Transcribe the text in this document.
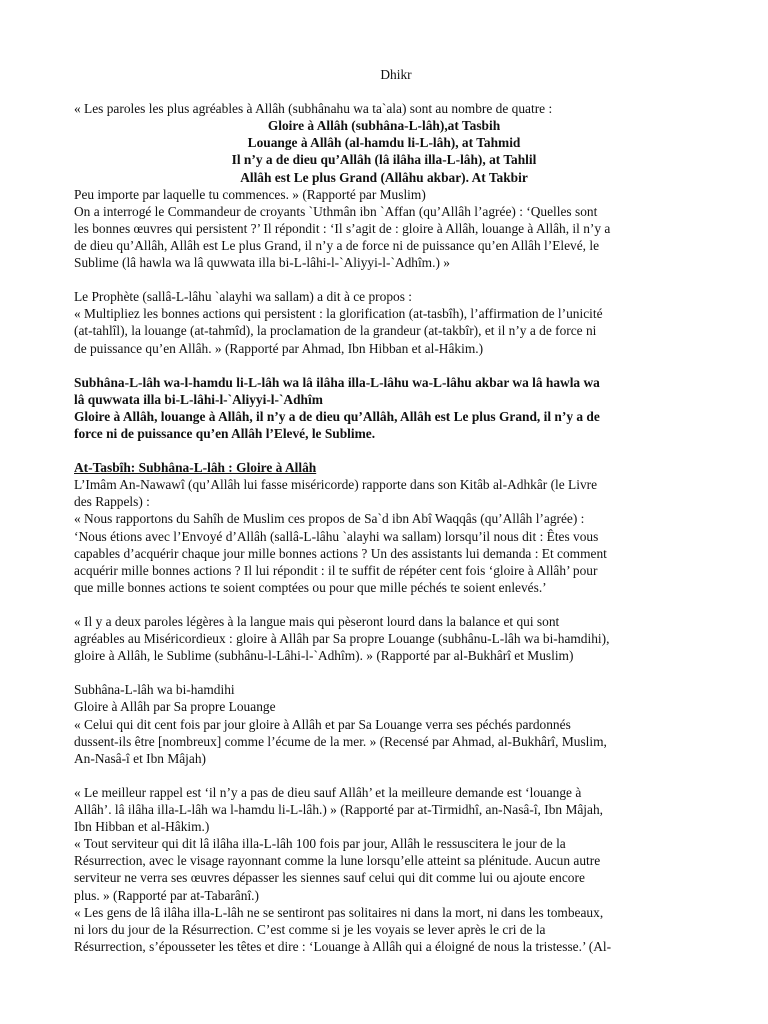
Dhikr
« Les paroles les plus agréables à Allâh (subhânahu wa ta`ala) sont au nombre de quatre :
Gloire à Allâh (subhâna-L-lâh),at Tasbih
Louange à Allâh (al-hamdu li-L-lâh), at Tahmid
Il n’y a de dieu qu’Allâh (lâ ilâha illa-L-lâh), at Tahlil
Allâh est Le plus Grand (Allâhu akbar). At Takbir
Peu importe par laquelle tu commences. » (Rapporté par Muslim)
On a interrogé le Commandeur de croyants `Uthmân ibn `Affan (qu’Allâh l’agrée) : ‘Quelles sont
les bonnes œuvres qui persistent ?’ Il répondit : ‘Il s’agit de : gloire à Allâh, louange à Allâh, il n’y a
de dieu qu’Allâh, Allâh est Le plus Grand, il n’y a de force ni de puissance qu’en Allâh l’Elevé, le
Sublime (lâ hawla wa lâ quwwata illa bi-L-lâhi-l-`Aliyyi-l-`Adhîm.) »
Le Prophète (sallâ-L-lâhu `alayhi wa sallam) a dit à ce propos :
« Multipliez les bonnes actions qui persistent : la glorification (at-tasbîh), l’affirmation de l’unicité
(at-tahlîl), la louange (at-tahmîd), la proclamation de la grandeur (at-takbîr), et il n’y a de force ni
de puissance qu’en Allâh. » (Rapporté par Ahmad, Ibn Hibban et al-Hâkim.)
Subhâna-L-lâh wa-l-hamdu li-L-lâh wa lâ ilâha illa-L-lâhu wa-L-lâhu akbar wa lâ hawla wa
lâ quwwata illa bi-L-lâhi-l-`Aliyyi-l-`Adhîm
Gloire à Allâh, louange à Allâh, il n’y a de dieu qu’Allâh, Allâh est Le plus Grand, il n’y a de
force ni de puissance qu’en Allâh l’Elevé, le Sublime.
At-Tasbîh: Subhâna-L-lâh : Gloire à Allâh
L’Imâm An-Nawawî (qu’Allâh lui fasse miséricorde) rapporte dans son Kitâb al-Adhkâr (le Livre
des Rappels) :
« Nous rapportons du Sahîh de Muslim ces propos de Sa`d ibn Abî Waqqâs (qu’Allâh l’agrée) :
‘Nous étions avec l’Envoyé d’Allâh (sallâ-L-lâhu `alayhi wa sallam) lorsqu’il nous dit : Êtes vous
capables d’acquérir chaque jour mille bonnes actions ? Un des assistants lui demanda : Et comment
acquérir mille bonnes actions ? Il lui répondit : il te suffit de répéter cent fois ‘gloire à Allâh’ pour
que mille bonnes actions te soient comptées ou pour que mille péchés te soient enlevés.’
« Il y a deux paroles légères à la langue mais qui pèseront lourd dans la balance et qui sont
agréables au Miséricordieux : gloire à Allâh par Sa propre Louange (subhânu-L-lâh wa bi-hamdihi),
gloire à Allâh, le Sublime (subhânu-l-Lâhi-l-`Adhîm). » (Rapporté par al-Bukhârî et Muslim)
Subhâna-L-lâh wa bi-hamdihi
Gloire à Allâh par Sa propre Louange
« Celui qui dit cent fois par jour gloire à Allâh et par Sa Louange verra ses péchés pardonnés
dussent-ils être [nombreux] comme l’écume de la mer. » (Recensé par Ahmad, al-Bukhârî, Muslim,
An-Nasâ-î et Ibn Mâjah)
« Le meilleur rappel est ‘il n’y a pas de dieu sauf Allâh’ et la meilleure demande est ‘louange à
Allâh’. lâ ilâha illa-L-lâh wa l-hamdu li-L-lâh.) » (Rapporté par at-Tirmidhî, an-Nasâ-î, Ibn Mâjah,
Ibn Hibban et al-Hâkim.)
« Tout serviteur qui dit lâ ilâha illa-L-lâh 100 fois par jour, Allâh le ressuscitera le jour de la
Résurrection, avec le visage rayonnant comme la lune lorsqu’elle atteint sa plénitude. Aucun autre
serviteur ne verra ses œuvres dépasser les siennes sauf celui qui dit comme lui ou ajoute encore
plus. » (Rapporté par at-Tabarânî.)
« Les gens de lâ ilâha illa-L-lâh ne se sentiront pas solitaires ni dans la mort, ni dans les tombeaux,
ni lors du jour de la Résurrection. C’est comme si je les voyais se lever après le cri de la
Résurrection, s’épousseter les têtes et dire : ‘Louange à Allâh qui a éloigné de nous la tristesse.’ (Al-
